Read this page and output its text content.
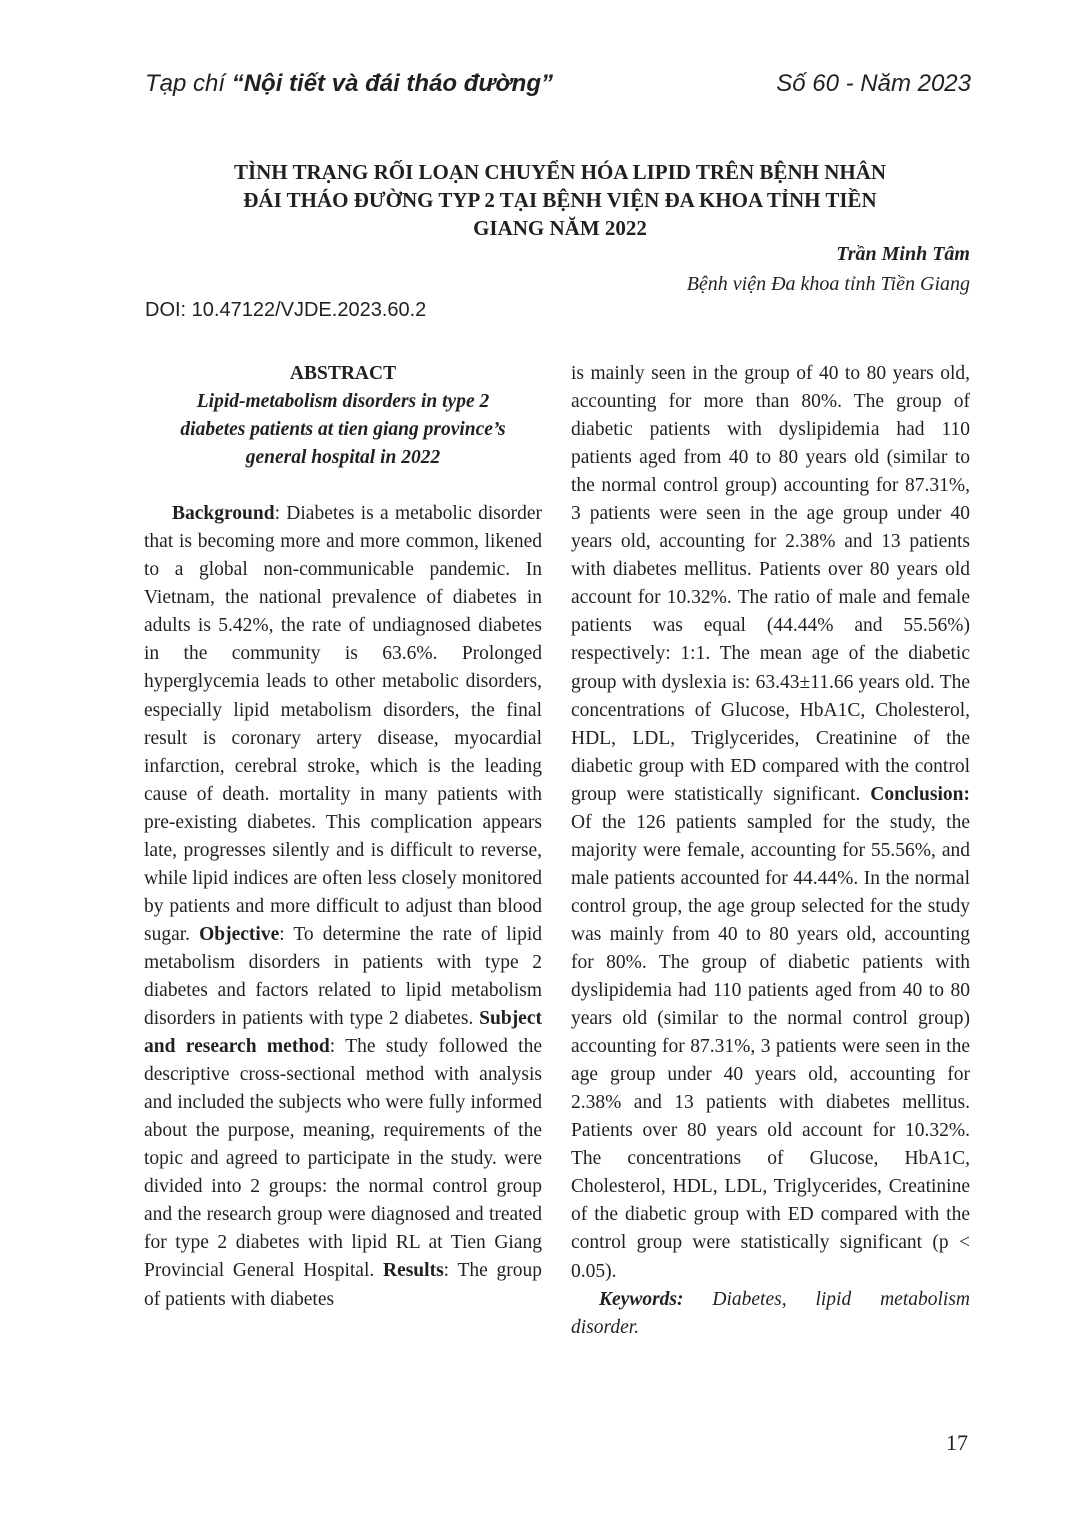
Tạp chí “Nội tiết và đái tháo đường”	Số 60 - Năm 2023
TÌNH TRẠNG RỐI LOẠN CHUYỂN HÓA LIPID TRÊN BỆNH NHÂN
ĐÁI THÁO ĐƯỜNG TYP 2 TẠI BỆNH VIỆN ĐA KHOA TỈNH TIỀN
GIANG NĂM 2022
Trần Minh Tâm
Bệnh viện Đa khoa tỉnh Tiền Giang
DOI: 10.47122/VJDE.2023.60.2
ABSTRACT
Lipid-metabolism disorders in type 2
diabetes patients at tien giang province’s
general hospital in 2022

Background: Diabetes is a metabolic disorder that is becoming more and more common, likened to a global non-communicable pandemic. In Vietnam, the national prevalence of diabetes in adults is 5.42%, the rate of undiagnosed diabetes in the community is 63.6%. Prolonged hyperglycemia leads to other metabolic disorders, especially lipid metabolism disorders, the final result is coronary artery disease, myocardial infarction, cerebral stroke, which is the leading cause of death. mortality in many patients with pre-existing diabetes. This complication appears late, progresses silently and is difficult to reverse, while lipid indices are often less closely monitored by patients and more difficult to adjust than blood sugar. Objective: To determine the rate of lipid metabolism disorders in patients with type 2 diabetes and factors related to lipid metabolism disorders in patients with type 2 diabetes. Subject and research method: The study followed the descriptive cross-sectional method with analysis and included the subjects who were fully informed about the purpose, meaning, requirements of the topic and agreed to participate in the study. were divided into 2 groups: the normal control group and the research group were diagnosed and treated for type 2 diabetes with lipid RL at Tien Giang Provincial General Hospital. Results: The group of patients with diabetes

is mainly seen in the group of 40 to 80 years old, accounting for more than 80%. The group of diabetic patients with dyslipidemia had 110 patients aged from 40 to 80 years old (similar to the normal control group) accounting for 87.31%, 3 patients were seen in the age group under 40 years old, accounting for 2.38% and 13 patients with diabetes mellitus. Patients over 80 years old account for 10.32%. The ratio of male and female patients was equal (44.44% and 55.56%) respectively: 1:1. The mean age of the diabetic group with dyslexia is: 63.43±11.66 years old. The concentrations of Glucose, HbA1C, Cholesterol, HDL, LDL, Triglycerides, Creatinine of the diabetic group with ED compared with the control group were statistically significant. Conclusion: Of the 126 patients sampled for the study, the majority were female, accounting for 55.56%, and male patients accounted for 44.44%. In the normal control group, the age group selected for the study was mainly from 40 to 80 years old, accounting for 80%. The group of diabetic patients with dyslipidemia had 110 patients aged from 40 to 80 years old (similar to the normal control group) accounting for 87.31%, 3 patients were seen in the age group under 40 years old, accounting for 2.38% and 13 patients with diabetes mellitus. Patients over 80 years old account for 10.32%. The concentrations of Glucose, HbA1C, Cholesterol, HDL, LDL, Triglycerides, Creatinine of the diabetic group with ED compared with the control group were statistically significant (p < 0.05).

Keywords: Diabetes, lipid metabolism disorder.

17
